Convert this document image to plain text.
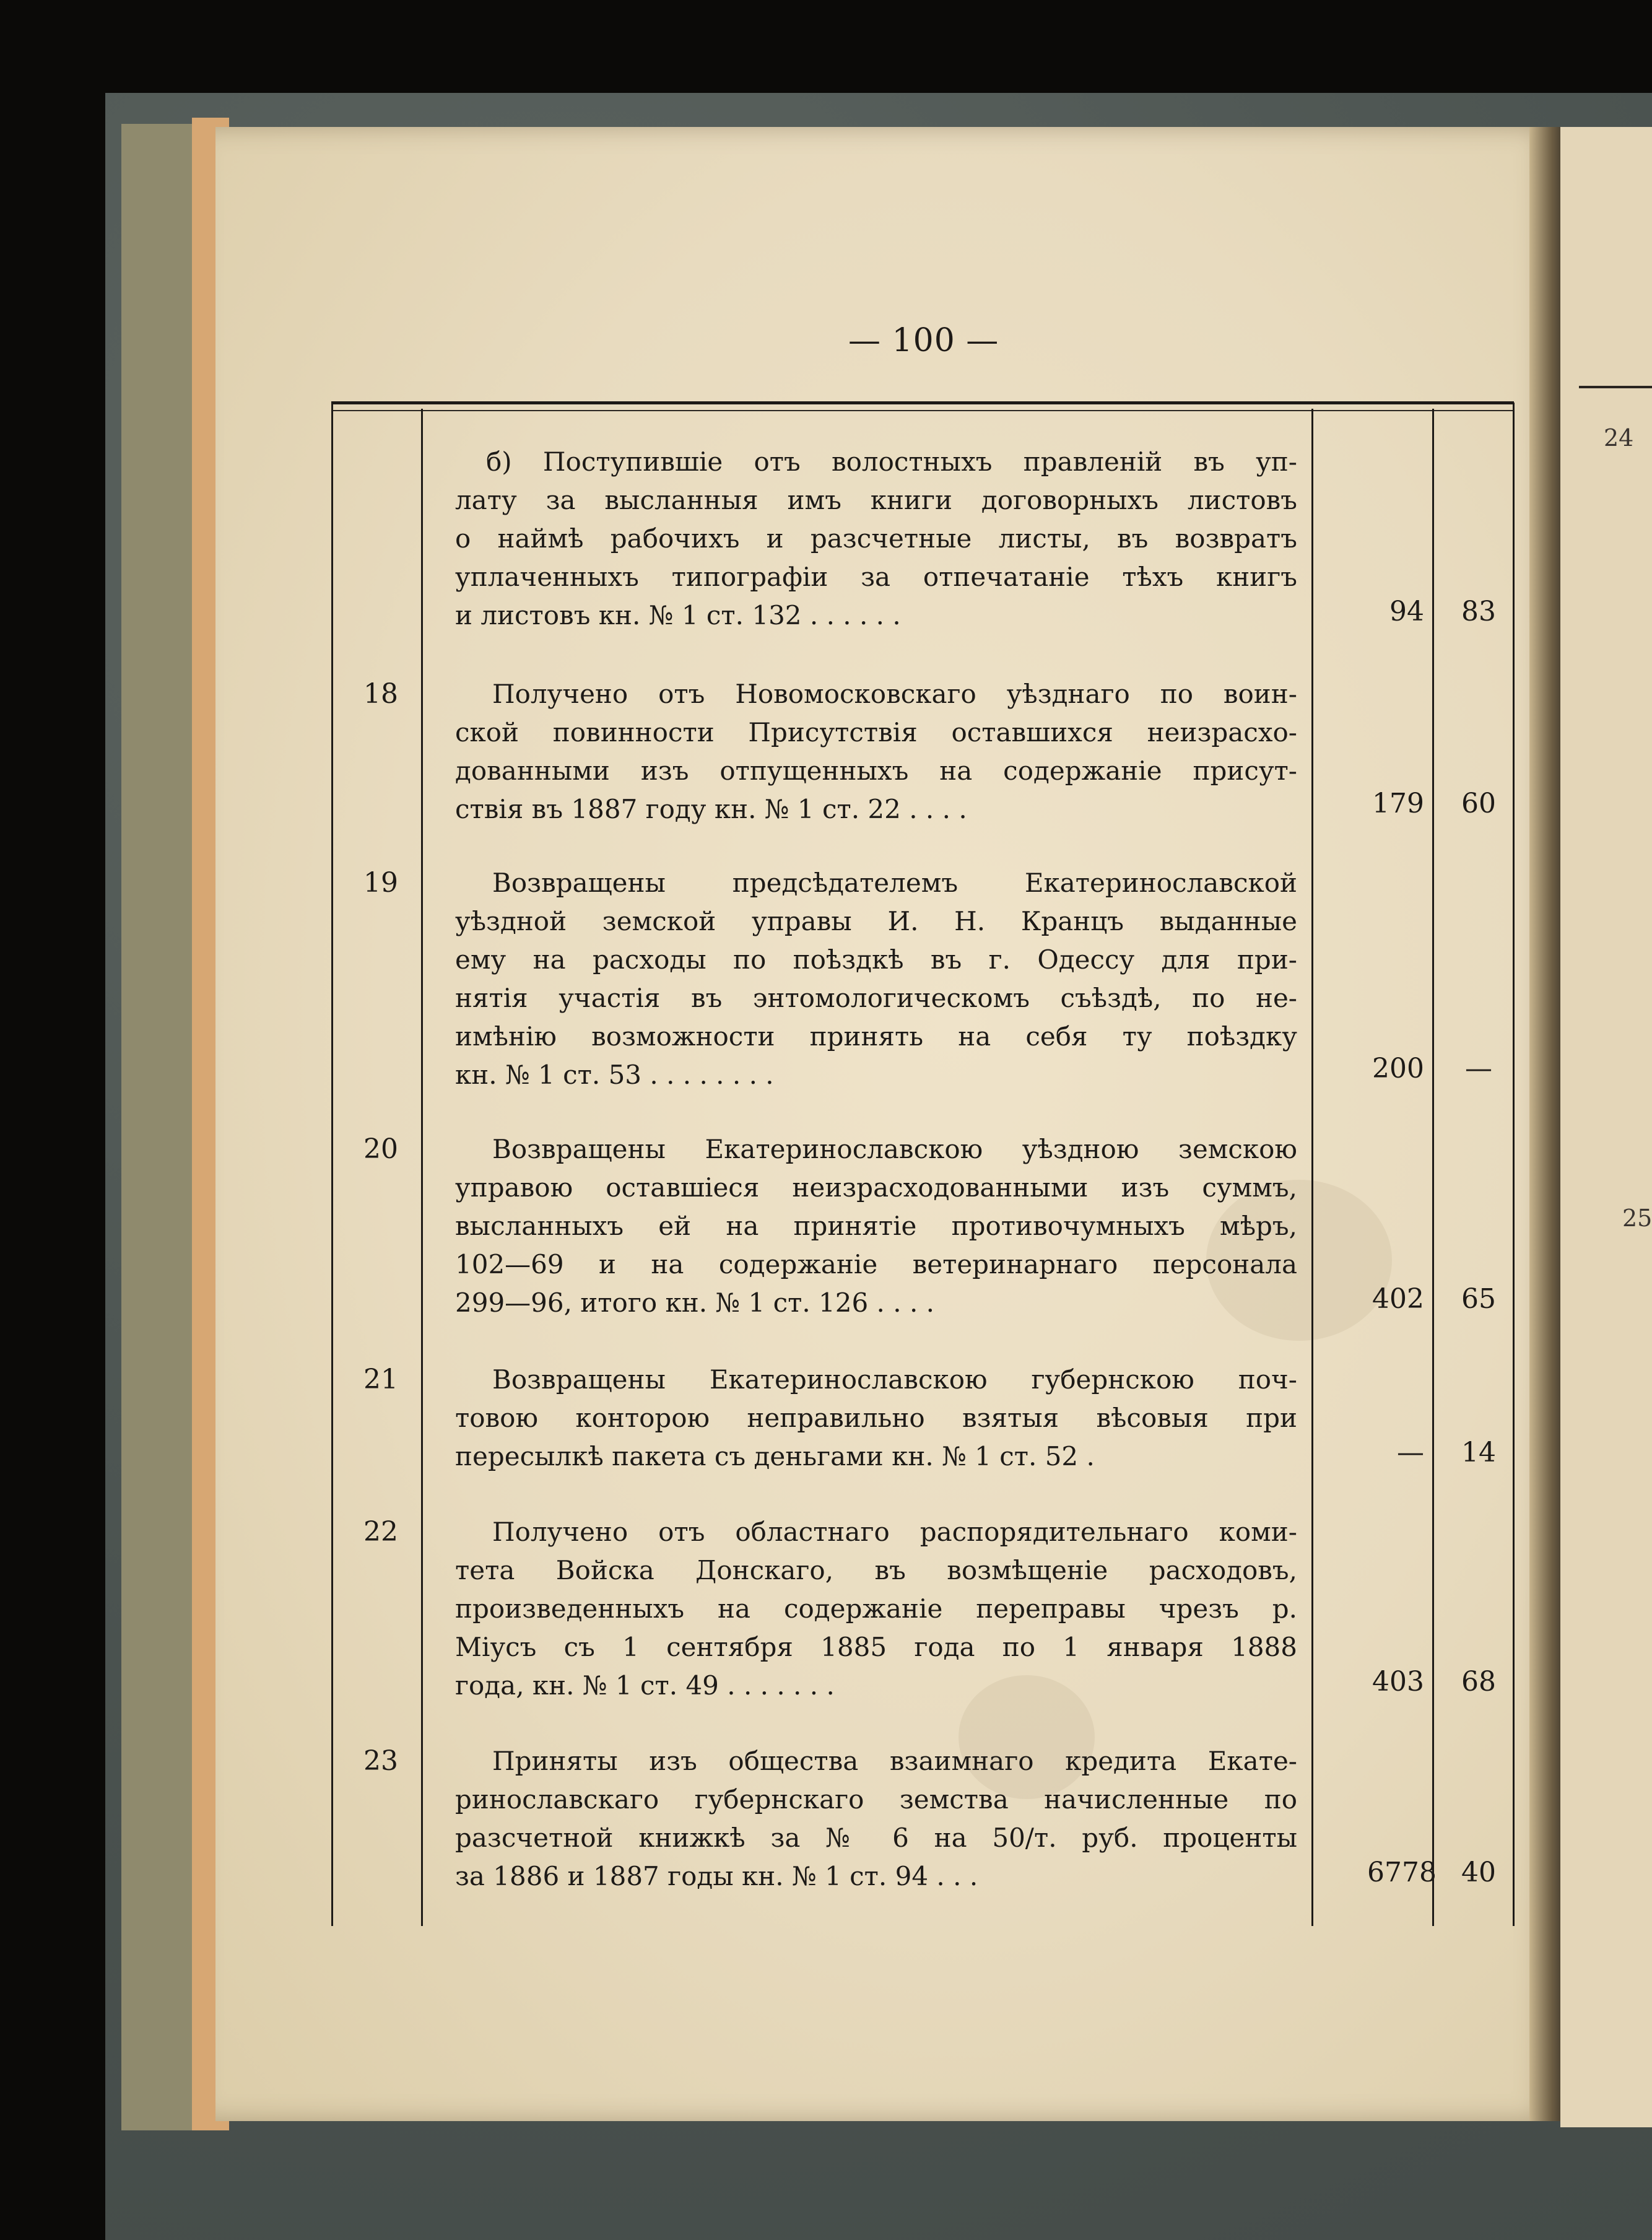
24
25
— 100 —

б) Поступившіе отъ волостныхъ правленій въ уп-

лату за высланныя имъ книги договорныхъ листовъ

о наймѣ рабочихъ и разсчетные листы, въ возвратъ

уплаченныхъ типографіи за отпечатаніе тѣхъ книгъ

и листовъ кн. № 1 ст. 132 . . . . . .	94	83
18	Получено отъ Новомосковскаго уѣзднаго по воин-

ской повинности Присутствія оставшихся неизрасхо-

дованными изъ отпущенныхъ на содержаніе присут-

ствія въ 1887 году кн. № 1 ст. 22 . . . .	179	60
19	Возвращены предсѣдателемъ Екатеринославской

уѣздной земской управы И. Н. Кранцъ выданные

ему на расходы по поѣздкѣ въ г. Одессу для при-

нятія участія въ энтомологическомъ съѣздѣ, по не-

имѣнію возможности принять на себя ту поѣздку

кн. № 1 ст. 53 . . . . . . . .	200	—
20	Возвращены Екатеринославскою уѣздною земскою

управою оставшіеся неизрасходованными изъ суммъ,

высланныхъ ей на принятіе противочумныхъ мѣръ,

102—69 и на содержаніе ветеринарнаго персонала

299—96, итого кн. № 1 ст. 126 . . . .	402	65
21	Возвращены Екатеринославскою губернскою поч-

товою конторою неправильно взятыя вѣсовыя при

пересылкѣ пакета съ деньгами кн. № 1 ст. 52 .	—	14
22	Получено отъ областнаго распорядительнаго коми-

тета Войска Донскаго, въ возмѣщеніе расходовъ,

произведенныхъ на содержаніе переправы чрезъ р.

Міусъ съ 1 сентября 1885 года по 1 января 1888

года, кн. № 1 ст. 49 . . . . . . .	403	68
23	Приняты изъ общества взаимнаго кредита Екате-

ринославскаго губернскаго земства начисленные по

разсчетной книжкѣ за № 6 на 50/т. руб. проценты

за 1886 и 1887 годы кн. № 1 ст. 94 . . .	6778 40
